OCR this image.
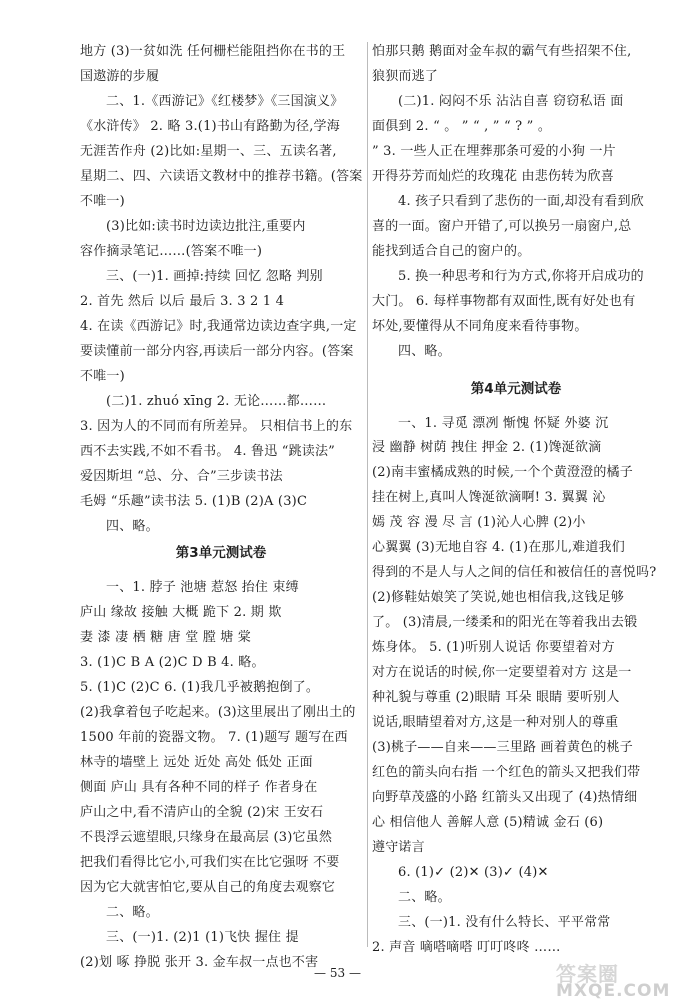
地方 (3)一贫如洗 任何栅栏能阻挡你在书的王
国遨游的步履
二、1.《西游记》《红楼梦》《三国演义》
《水浒传》 2. 略 3.(1)书山有路勤为径,学海
无涯苦作舟 (2)比如:星期一、三、五读名著,
星期二、四、六读语文教材中的推荐书籍。(答案
不唯一)
(3)比如:读书时边读边批注,重要内
容作摘录笔记……(答案不唯一)
三、(一)1. 画掉:持续 回忆 忽略 判别
2. 首先 然后 以后 最后 3. 3 2 1 4
4. 在读《西游记》时,我通常边读边查字典,一定
要读懂前一部分内容,再读后一部分内容。(答案
不唯一)
(二)1. zhuó xīng 2. 无论……都……
3. 因为人的不同而有所差异。 只相信书上的东
西不去实践,不如不看书。 4. 鲁迅 “跳读法”
爱因斯坦 “总、分、合”三步读书法
毛姆 “乐趣”读书法 5. (1)B (2)A (3)C
四、略。
第3单元测试卷
一、1. 脖子 池塘 惹怒 抬住 束缚
庐山 缘故 接触 大概 跪下 2. 期 欺
妻 漆 凄 栖 糖 唐 堂 膛 塘 棠
3. (1)C B A (2)C D B 4. 略。
5. (1)C (2)C 6. (1)我几乎被鹅抱倒了。
(2)我拿着包子吃起来。(3)这里展出了刚出土的
1500 年前的瓷器文物。 7. (1)题写 题写在西
林寺的墙壁上 远处 近处 高处 低处 正面
侧面 庐山 具有各种不同的样子 作者身在
庐山之中,看不清庐山的全貌 (2)宋 王安石
不畏浮云遮望眼,只缘身在最高层 (3)它虽然
把我们看得比它小,可我们实在比它强呀 不要
因为它大就害怕它,要从自己的角度去观察它
二、略。
三、(一)1. (2)1 (1)飞快 握住 提
(2)划 啄 挣脱 张开 3. 金车叔一点也不害
怕那只鹅 鹅面对金车叔的霸气有些招架不住,
狼狈而逃了
(二)1. 闷闷不乐 沾沾自喜 窃窃私语 面
面俱到 2. “ 。 ” “ , ” “ ? ” 。
” 3. 一些人正在埋葬那条可爱的小狗 一片
开得芬芳而灿烂的玫瑰花 由悲伤转为欣喜
4. 孩子只看到了悲伤的一面,却没有看到欣
喜的一面。窗户开错了,可以换另一扇窗户,总
能找到适合自己的窗户的。
5. 换一种思考和行为方式,你将开启成功的
大门。 6. 每样事物都有双面性,既有好处也有
坏处,要懂得从不同角度来看待事物。
四、略。
第4单元测试卷
一、1. 寻觅 漂冽 惭愧 怀疑 外婆 沉
浸 幽静 树荫 拽住 押金 2. (1)馋涎欲滴
(2)南丰蜜橘成熟的时候,一个个黄澄澄的橘子
挂在树上,真叫人馋涎欲滴啊! 3. 翼翼 沁
嫣 茂 容 漫 尽 言 (1)沁人心脾 (2)小
心翼翼 (3)无地自容 4. (1)在那儿,难道我们
得到的不是人与人之间的信任和被信任的喜悦吗?
(2)修鞋姑娘笑了笑说,她也相信我,这钱足够
了。 (3)清晨,一缕柔和的阳光在等着我出去锻
炼身体。 5. (1)听别人说话 你要望着对方
对方在说话的时候,你一定要望着对方 这是一
种礼貌与尊重 (2)眼睛 耳朵 眼睛 要听别人
说话,眼睛望着对方,这是一种对别人的尊重
(3)桃子——自来——三里路 画着黄色的桃子
红色的箭头向右指 一个红色的箭头又把我们带
向野草茂盛的小路 红箭头又出现了 (4)热情细
心 相信他人 善解人意 (5)精诚 金石 (6)
遵守诺言
6. (1)✓ (2)✕ (3)✓ (4)✕
二、略。
三、(一)1. 没有什么特长、平平常常
2. 声音 嘀嗒嘀嗒 叮叮咚咚 ……
— 53 —	答案圈
MXQE.COM
